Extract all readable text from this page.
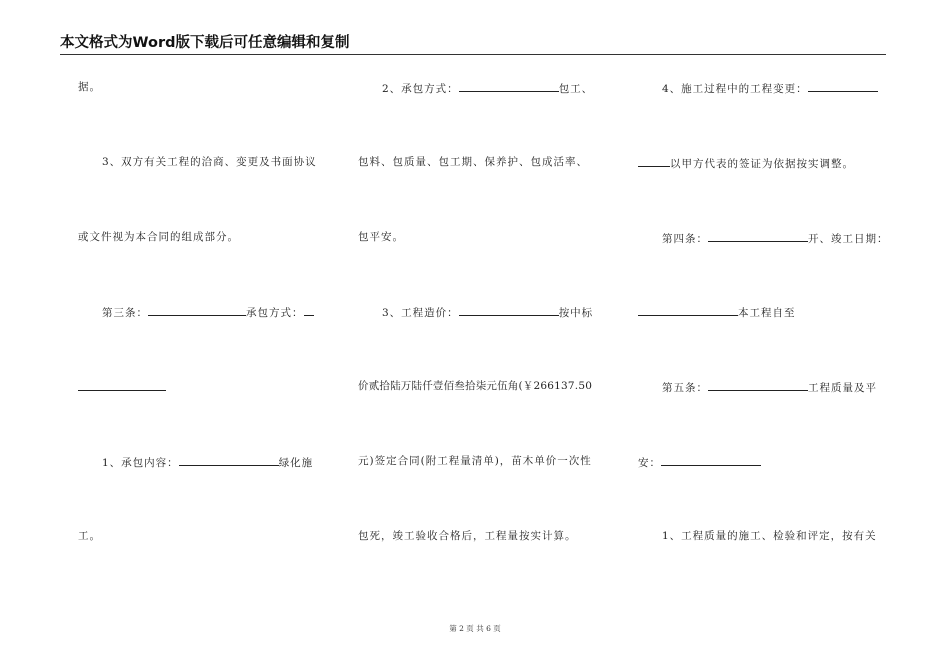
本文格式为Word版下载后可任意编辑和复制
据。
3、双方有关工程的洽商、变更及书面协议
或文件视为本合同的组成部分。
第三条：	承包方式：
1、承包内容：	绿化施
工。
2、承包方式：	包工、
包料、包质量、包工期、保养护、包成活率、
包平安。
3、工程造价：	按中标
价贰拾陆万陆仟壹佰叁拾柒元伍角(￥266137.50
元)签定合同(附工程量清单)，苗木单价一次性
包死，竣工验收合格后，工程量按实计算。
4、施工过程中的工程变更：
以甲方代表的签证为依据按实调整。
第四条：	开、竣工日期：
本工程自至
第五条：	工程质量及平
安：
1、工程质量的施工、检验和评定，按有关
第 2 页 共 6 页
